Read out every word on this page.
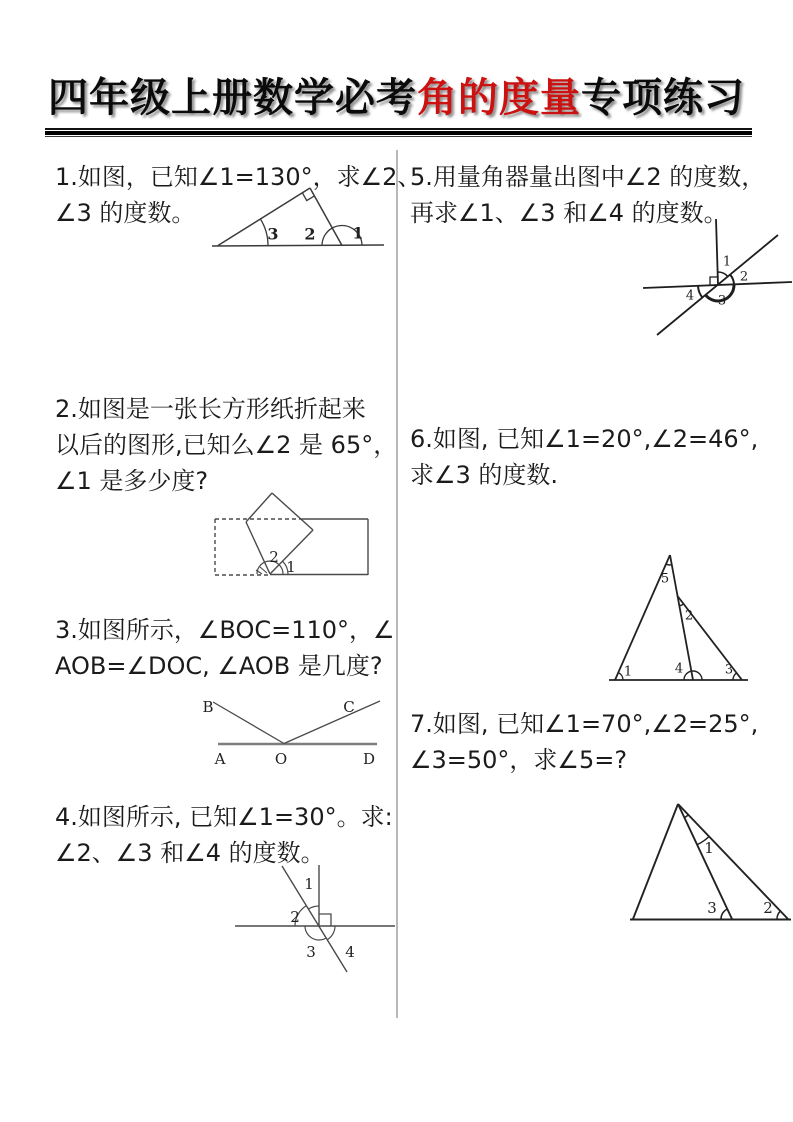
四年级上册数学必考角的度量专项练习
1.如图，已知∠1=130°，求∠2、
∠3 的度数。
3 2 1
2.如图是一张长方形纸折起来
以后的图形,已知么∠2 是 65°，
∠1 是多少度?
2
1
3.如图所示，∠BOC=110°，∠
AOB=∠DOC, ∠AOB 是几度?
B	C
A	O	D
4.如图所示, 已知∠1=30°。求:
∠2、∠3 和∠4 的度数。
1
2
3 4
5.用量角器量出图中∠2 的度数，
再求∠1、∠3 和∠4 的度数。
1
2
3
4
6.如图, 已知∠1=20°,∠2=46°,
求∠3 的度数.
5
2
1	4	3
7.如图, 已知∠1=70°,∠2=25°,
∠3=50°，求∠5=?
1
3	2
